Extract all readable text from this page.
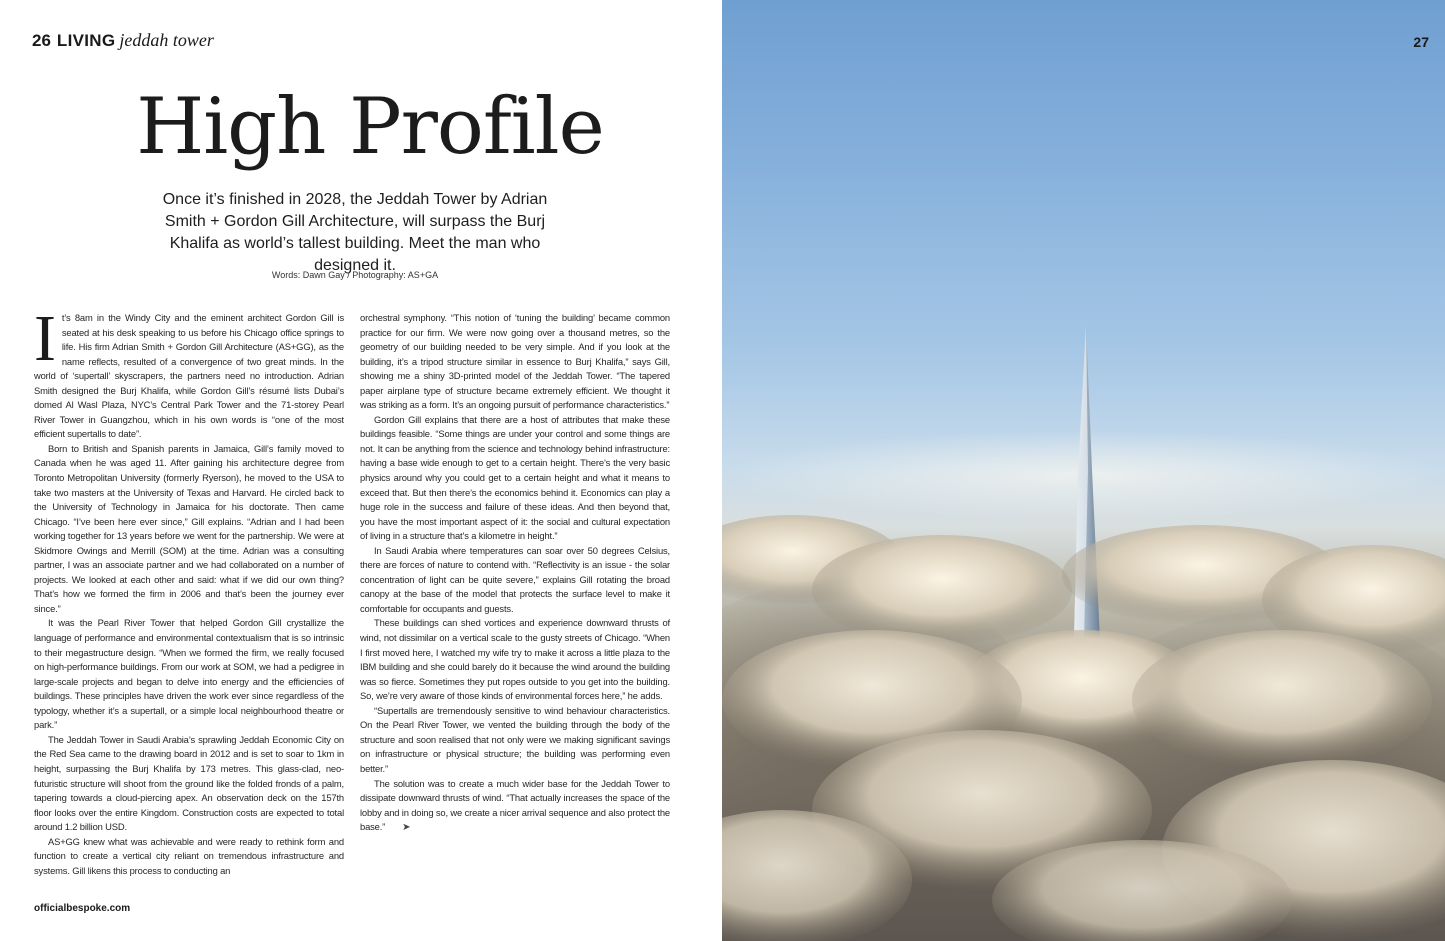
26 LIVING jeddah tower
High Profile
Once it’s finished in 2028, the Jeddah Tower by Adrian Smith + Gordon Gill Architecture, will surpass the Burj Khalifa as world’s tallest building. Meet the man who designed it.
Words: Dawn Gay / Photography: AS+GA

It’s 8am in the Windy City and the eminent architect Gordon Gill is seated at his desk speaking to us before his Chicago office springs to life. His firm Adrian Smith + Gordon Gill Architecture (AS+GG), as the name reflects, resulted of a convergence of two great minds. In the world of ‘supertall’ skyscrapers, the partners need no introduction. Adrian Smith designed the Burj Khalifa, while Gordon Gill’s résumé lists Dubai’s domed Al Wasl Plaza, NYC’s Central Park Tower and the 71-storey Pearl River Tower in Guangzhou, which in his own words is “one of the most efficient supertalls to date”.

Born to British and Spanish parents in Jamaica, Gill’s family moved to Canada when he was aged 11. After gaining his architecture degree from Toronto Metropolitan University (formerly Ryerson), he moved to the USA to take two masters at the University of Texas and Harvard. He circled back to the University of Technology in Jamaica for his doctorate. Then came Chicago. “I’ve been here ever since,” Gill explains. “Adrian and I had been working together for 13 years before we went for the partnership. We were at Skidmore Owings and Merrill (SOM) at the time. Adrian was a consulting partner, I was an associate partner and we had collaborated on a number of projects. We looked at each other and said: what if we did our own thing? That’s how we formed the firm in 2006 and that’s been the journey ever since.”

It was the Pearl River Tower that helped Gordon Gill crystallize the language of performance and environmental contextualism that is so intrinsic to their megastructure design. “When we formed the firm, we really focused on high-performance buildings. From our work at SOM, we had a pedigree in large-scale projects and began to delve into energy and the efficiencies of buildings. These principles have driven the work ever since regardless of the typology, whether it’s a supertall, or a simple local neighbourhood theatre or park.”

The Jeddah Tower in Saudi Arabia’s sprawling Jeddah Economic City on the Red Sea came to the drawing board in 2012 and is set to soar to 1km in height, surpassing the Burj Khalifa by 173 metres. This glass-clad, neo- futuristic structure will shoot from the ground like the folded fronds of a palm, tapering towards a cloud-piercing apex. An observation deck on the 157th floor looks over the entire Kingdom. Construction costs are expected to total around 1.2 billion USD.

AS+GG knew what was achievable and were ready to rethink form and function to create a vertical city reliant on tremendous infrastructure and systems. Gill likens this process to conducting an

orchestral symphony. “This notion of ‘tuning the building’ became common practice for our firm. We were now going over a thousand metres, so the geometry of our building needed to be very simple. And if you look at the building, it’s a tripod structure similar in essence to Burj Khalifa,” says Gill, showing me a shiny 3D-printed model of the Jeddah Tower. “The tapered paper airplane type of structure became extremely efficient. We thought it was striking as a form. It’s an ongoing pursuit of performance characteristics.”

Gordon Gill explains that there are a host of attributes that make these buildings feasible. “Some things are under your control and some things are not. It can be anything from the science and technology behind infrastructure: having a base wide enough to get to a certain height. There’s the very basic physics around why you could get to a certain height and what it means to exceed that. But then there’s the economics behind it. Economics can play a huge role in the success and failure of these ideas. And then beyond that, you have the most important aspect of it: the social and cultural expectation of living in a structure that’s a kilometre in height.”

In Saudi Arabia where temperatures can soar over 50 degrees Celsius, there are forces of nature to contend with. “Reflectivity is an issue - the solar concentration of light can be quite severe,” explains Gill rotating the broad canopy at the base of the model that protects the surface level to make it comfortable for occupants and guests.

These buildings can shed vortices and experience downward thrusts of wind, not dissimilar on a vertical scale to the gusty streets of Chicago. “When I first moved here, I watched my wife try to make it across a little plaza to the IBM building and she could barely do it because the wind around the building was so fierce. Sometimes they put ropes outside to you get into the building. So, we’re very aware of those kinds of environmental forces here,” he adds.

“Supertalls are tremendously sensitive to wind behaviour characteristics. On the Pearl River Tower, we vented the building through the body of the structure and soon realised that not only were we making significant savings on infrastructure or physical structure; the building was performing even better.”

The solution was to create a much wider base for the Jeddah Tower to dissipate downward thrusts of wind. “That actually increases the space of the lobby and in doing so, we create a nicer arrival sequence and also protect the base.” ➤

officialbespoke.com
27
